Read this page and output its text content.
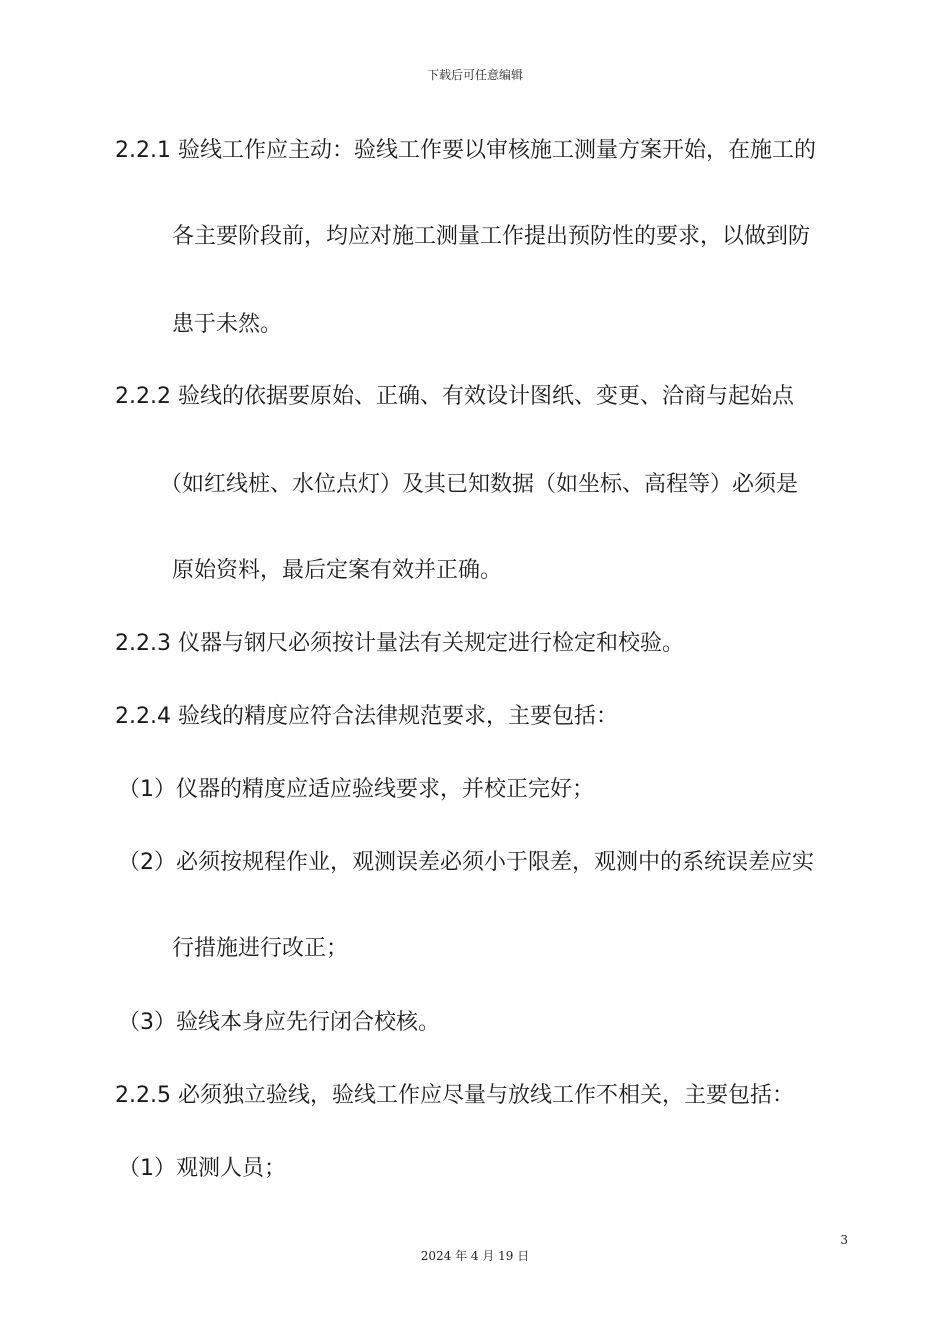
下载后可任意编辑
2.2.1 验线工作应主动：验线工作要以审核施工测量方案开始，在施工的
各主要阶段前，均应对施工测量工作提出预防性的要求，以做到防
患于未然。
2.2.2 验线的依据要原始、正确、有效设计图纸、变更、洽商与起始点
（如红线桩、水位点灯）及其已知数据（如坐标、高程等）必须是
原始资料，最后定案有效并正确。
2.2.3 仪器与钢尺必须按计量法有关规定进行检定和校验。
2.2.4 验线的精度应符合法律规范要求，主要包括：
（1）仪器的精度应适应验线要求，并校正完好；
（2）必须按规程作业，观测误差必须小于限差，观测中的系统误差应实
行措施进行改正；
（3）验线本身应先行闭合校核。
2.2.5 必须独立验线，验线工作应尽量与放线工作不相关，主要包括：
（1）观测人员；
3
2024 年 4 月 19 日
